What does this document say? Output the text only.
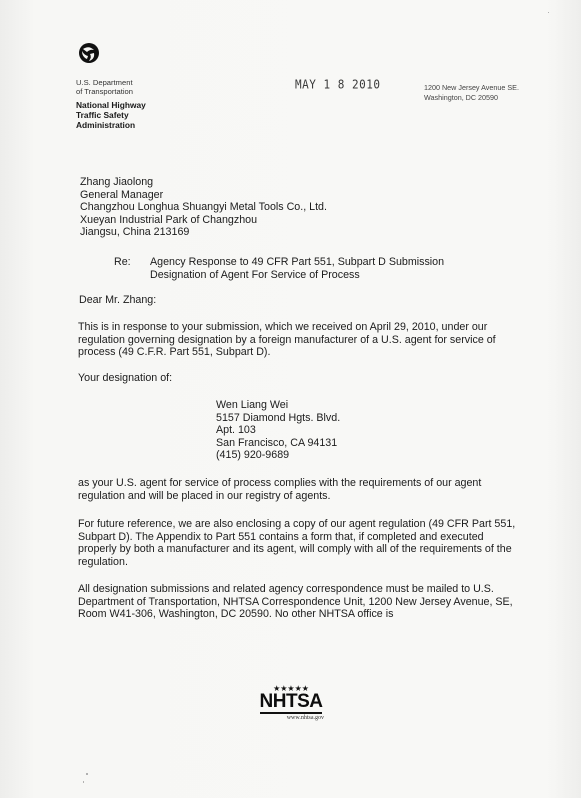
U.S. Department
of Transportation
National Highway
Traffic Safety
Administration
MAY 1 8 2010	1200 New Jersey Avenue SE.
Washington, DC 20590
Zhang Jiaolong
General Manager
Changzhou Longhua Shuangyi Metal Tools Co., Ltd.
Xueyan Industrial Park of Changzhou
Jiangsu, China 213169
Re: Agency Response to 49 CFR Part 551, Subpart D Submission
Designation of Agent For Service of Process
Dear Mr. Zhang:
This is in response to your submission, which we received on April 29, 2010, under our regulation governing designation by a foreign manufacturer of a U.S. agent for service of process (49 C.F.R. Part 551, Subpart D).
Your designation of:
Wen Liang Wei
5157 Diamond Hgts. Blvd.
Apt. 103
San Francisco, CA 94131
(415) 920-9689
as your U.S. agent for service of process complies with the requirements of our agent regulation and will be placed in our registry of agents.
For future reference, we are also enclosing a copy of our agent regulation (49 CFR Part 551, Subpart D). The Appendix to Part 551 contains a form that, if completed and executed properly by both a manufacturer and its agent, will comply with all of the requirements of the regulation.
All designation submissions and related agency correspondence must be mailed to U.S. Department of Transportation, NHTSA Correspondence Unit, 1200 New Jersey Avenue, SE, Room W41-306, Washington, DC 20590. No other NHTSA office is
★★★★★
NHTSA
www.nhtsa.gov
